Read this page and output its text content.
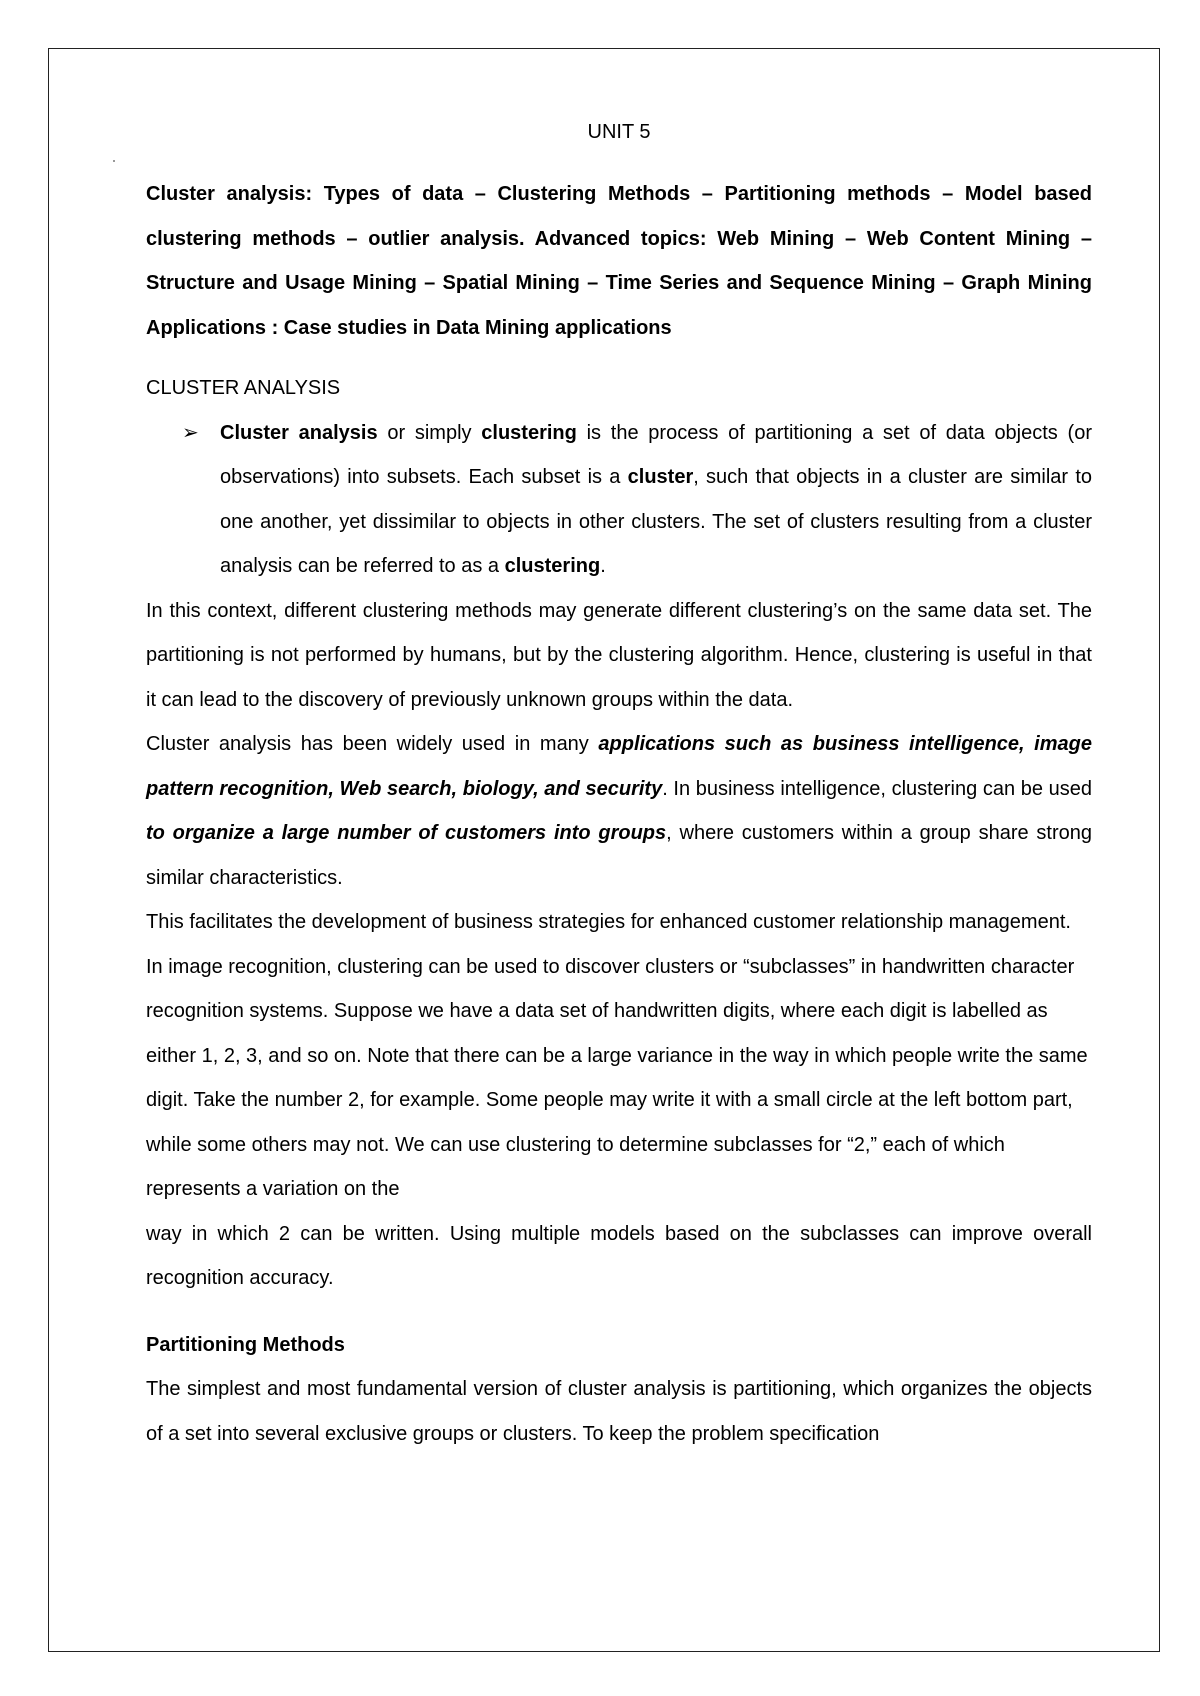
UNIT 5

Cluster analysis: Types of data – Clustering Methods – Partitioning methods – Model based clustering methods – outlier analysis. Advanced topics: Web Mining – Web Content Mining – Structure and Usage Mining – Spatial Mining – Time Series and Sequence Mining – Graph Mining Applications : Case studies in Data Mining applications

CLUSTER ANALYSIS

➢ Cluster analysis or simply clustering is the process of partitioning a set of data objects (or observations) into subsets. Each subset is a cluster, such that objects in a cluster are similar to one another, yet dissimilar to objects in other clusters. The set of clusters resulting from a cluster analysis can be referred to as a clustering.

In this context, different clustering methods may generate different clustering’s on the same data set. The partitioning is not performed by humans, but by the clustering algorithm. Hence, clustering is useful in that it can lead to the discovery of previously unknown groups within the data.

Cluster analysis has been widely used in many applications such as business intelligence, image pattern recognition, Web search, biology, and security. In business intelligence, clustering can be used to organize a large number of customers into groups, where customers within a group share strong similar characteristics.

This facilitates the development of business strategies for enhanced customer relationship management.

In image recognition, clustering can be used to discover clusters or “subclasses” in handwritten character recognition systems. Suppose we have a data set of handwritten digits, where each digit is labelled as either 1, 2, 3, and so on. Note that there can be a large variance in the way in which people write the same digit. Take the number 2, for example. Some people may write it with a small circle at the left bottom part, while some others may not. We can use clustering to determine subclasses for “2,” each of which represents a variation on the

way in which 2 can be written. Using multiple models based on the subclasses can improve overall recognition accuracy.

Partitioning Methods

The simplest and most fundamental version of cluster analysis is partitioning, which organizes the objects of a set into several exclusive groups or clusters. To keep the problem specification
